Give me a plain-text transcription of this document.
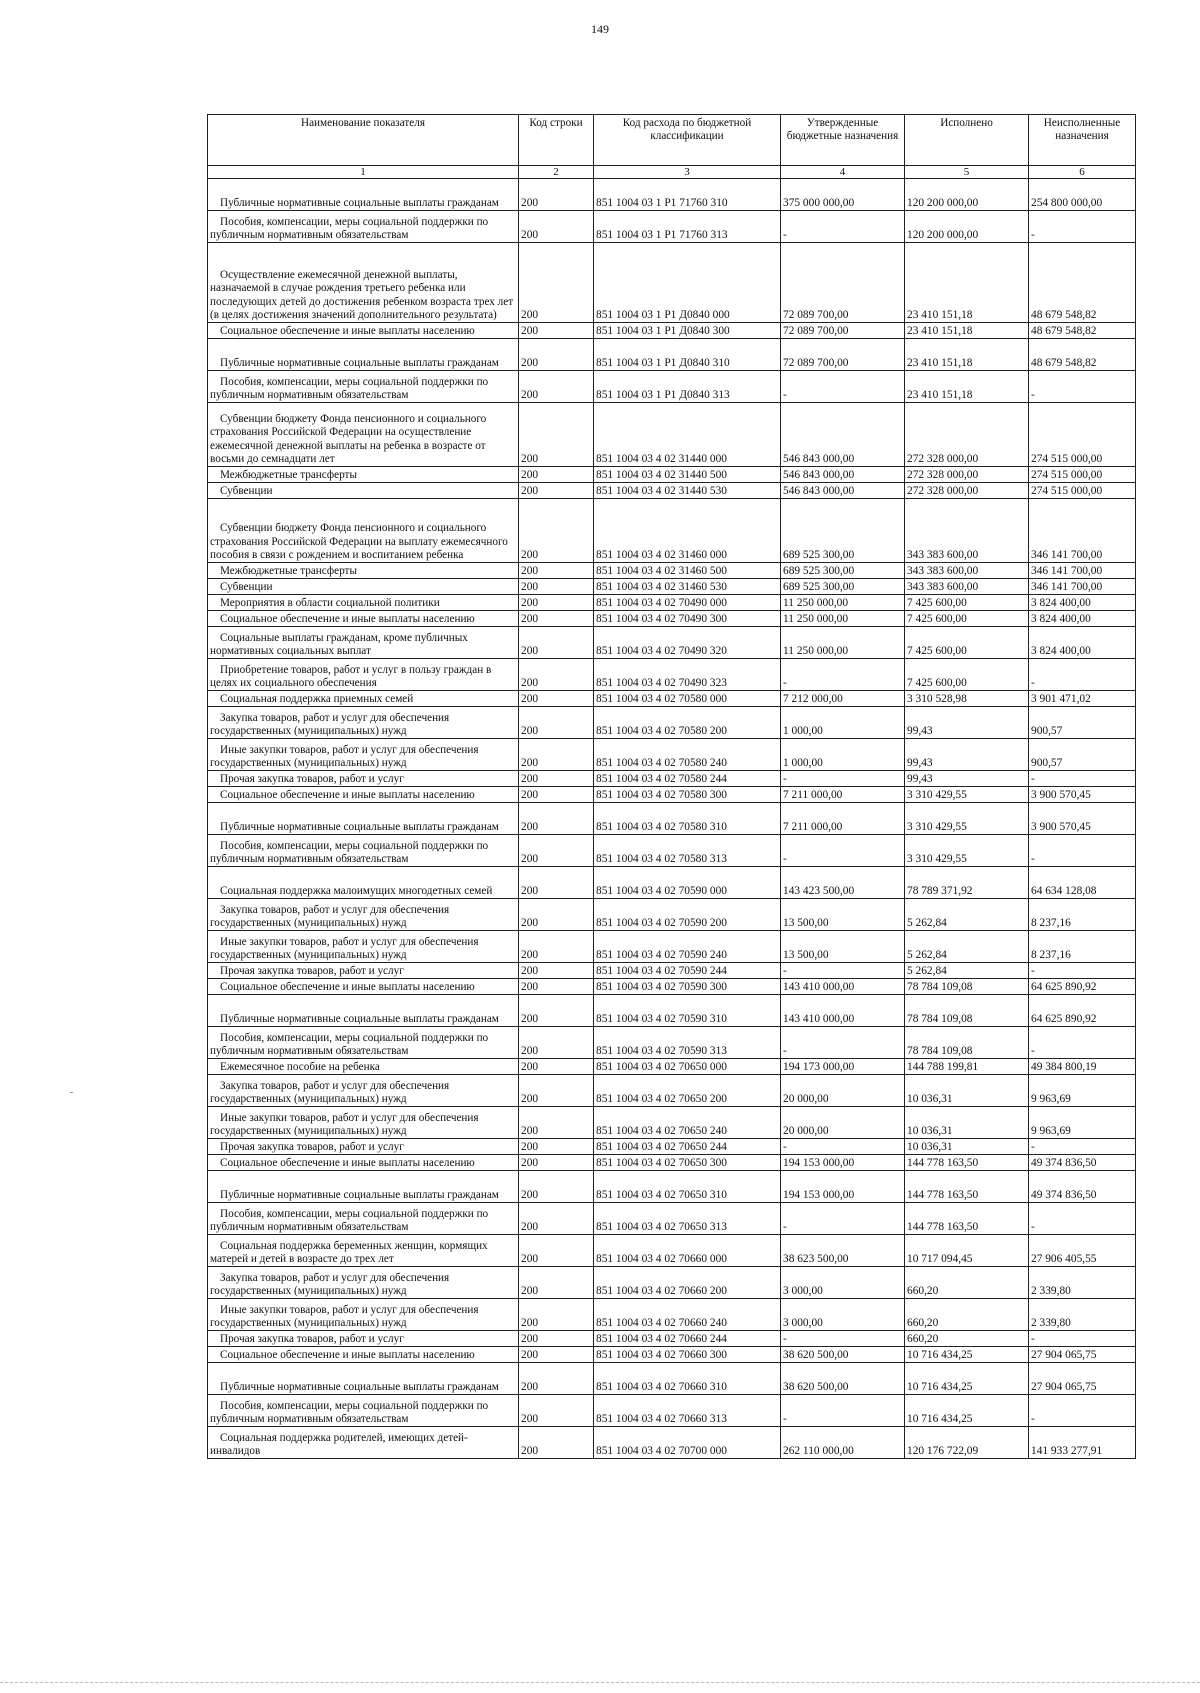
149
Наименование показателя	Код строки	Код расхода по бюджетной классификации	Утвержденные бюджетные назначения	Исполнено	Неисполненные назначения
1	2	3	4	5	6
Публичные нормативные социальные выплаты гражданам	200	851 1004 03 1 P1 71760 310	375 000 000,00	120 200 000,00	254 800 000,00
Пособия, компенсации, меры социальной поддержки по публичным нормативным обязательствам	200	851 1004 03 1 P1 71760 313	-	120 200 000,00	-
Осуществление ежемесячной денежной выплаты, назначаемой в случае рождения третьего ребенка или последующих детей до достижения ребенком возраста трех лет (в целях достижения значений дополнительного результата)	200	851 1004 03 1 P1 Д0840 000	72 089 700,00	23 410 151,18	48 679 548,82
Социальное обеспечение и иные выплаты населению	200	851 1004 03 1 P1 Д0840 300	72 089 700,00	23 410 151,18	48 679 548,82
Публичные нормативные социальные выплаты гражданам	200	851 1004 03 1 P1 Д0840 310	72 089 700,00	23 410 151,18	48 679 548,82
Пособия, компенсации, меры социальной поддержки по публичным нормативным обязательствам	200	851 1004 03 1 P1 Д0840 313	-	23 410 151,18	-
Субвенции бюджету Фонда пенсионного и социального страхования Российской Федерации на осуществление ежемесячной денежной выплаты на ребенка в возрасте от восьми до семнадцати лет	200	851 1004 03 4 02 31440 000	546 843 000,00	272 328 000,00	274 515 000,00
Межбюджетные трансферты	200	851 1004 03 4 02 31440 500	546 843 000,00	272 328 000,00	274 515 000,00
Субвенции	200	851 1004 03 4 02 31440 530	546 843 000,00	272 328 000,00	274 515 000,00
Субвенции бюджету Фонда пенсионного и социального страхования Российской Федерации на выплату ежемесячного пособия в связи с рождением и воспитанием ребенка	200	851 1004 03 4 02 31460 000	689 525 300,00	343 383 600,00	346 141 700,00
Межбюджетные трансферты	200	851 1004 03 4 02 31460 500	689 525 300,00	343 383 600,00	346 141 700,00
Субвенции	200	851 1004 03 4 02 31460 530	689 525 300,00	343 383 600,00	346 141 700,00
Мероприятия в области социальной политики	200	851 1004 03 4 02 70490 000	11 250 000,00	7 425 600,00	3 824 400,00
Социальное обеспечение и иные выплаты населению	200	851 1004 03 4 02 70490 300	11 250 000,00	7 425 600,00	3 824 400,00
Социальные выплаты гражданам, кроме публичных нормативных социальных выплат	200	851 1004 03 4 02 70490 320	11 250 000,00	7 425 600,00	3 824 400,00
Приобретение товаров, работ и услуг в пользу граждан в целях их социального обеспечения	200	851 1004 03 4 02 70490 323	-	7 425 600,00	-
Социальная поддержка приемных семей	200	851 1004 03 4 02 70580 000	7 212 000,00	3 310 528,98	3 901 471,02
Закупка товаров, работ и услуг для обеспечения государственных (муниципальных) нужд	200	851 1004 03 4 02 70580 200	1 000,00	99,43	900,57
Иные закупки товаров, работ и услуг для обеспечения государственных (муниципальных) нужд	200	851 1004 03 4 02 70580 240	1 000,00	99,43	900,57
Прочая закупка товаров, работ и услуг	200	851 1004 03 4 02 70580 244	-	99,43	-
Социальное обеспечение и иные выплаты населению	200	851 1004 03 4 02 70580 300	7 211 000,00	3 310 429,55	3 900 570,45
Публичные нормативные социальные выплаты гражданам	200	851 1004 03 4 02 70580 310	7 211 000,00	3 310 429,55	3 900 570,45
Пособия, компенсации, меры социальной поддержки по публичным нормативным обязательствам	200	851 1004 03 4 02 70580 313	-	3 310 429,55	-
Социальная поддержка малоимущих многодетных семей	200	851 1004 03 4 02 70590 000	143 423 500,00	78 789 371,92	64 634 128,08
Закупка товаров, работ и услуг для обеспечения государственных (муниципальных) нужд	200	851 1004 03 4 02 70590 200	13 500,00	5 262,84	8 237,16
Иные закупки товаров, работ и услуг для обеспечения государственных (муниципальных) нужд	200	851 1004 03 4 02 70590 240	13 500,00	5 262,84	8 237,16
Прочая закупка товаров, работ и услуг	200	851 1004 03 4 02 70590 244	-	5 262,84	-
Социальное обеспечение и иные выплаты населению	200	851 1004 03 4 02 70590 300	143 410 000,00	78 784 109,08	64 625 890,92
Публичные нормативные социальные выплаты гражданам	200	851 1004 03 4 02 70590 310	143 410 000,00	78 784 109,08	64 625 890,92
Пособия, компенсации, меры социальной поддержки по публичным нормативным обязательствам	200	851 1004 03 4 02 70590 313	-	78 784 109,08	-
Ежемесячное пособие на ребенка	200	851 1004 03 4 02 70650 000	194 173 000,00	144 788 199,81	49 384 800,19
Закупка товаров, работ и услуг для обеспечения государственных (муниципальных) нужд	200	851 1004 03 4 02 70650 200	20 000,00	10 036,31	9 963,69
Иные закупки товаров, работ и услуг для обеспечения государственных (муниципальных) нужд	200	851 1004 03 4 02 70650 240	20 000,00	10 036,31	9 963,69
Прочая закупка товаров, работ и услуг	200	851 1004 03 4 02 70650 244	-	10 036,31	-
Социальное обеспечение и иные выплаты населению	200	851 1004 03 4 02 70650 300	194 153 000,00	144 778 163,50	49 374 836,50
Публичные нормативные социальные выплаты гражданам	200	851 1004 03 4 02 70650 310	194 153 000,00	144 778 163,50	49 374 836,50
Пособия, компенсации, меры социальной поддержки по публичным нормативным обязательствам	200	851 1004 03 4 02 70650 313	-	144 778 163,50	-
Социальная поддержка беременных женщин, кормящих матерей и детей в возрасте до трех лет	200	851 1004 03 4 02 70660 000	38 623 500,00	10 717 094,45	27 906 405,55
Закупка товаров, работ и услуг для обеспечения государственных (муниципальных) нужд	200	851 1004 03 4 02 70660 200	3 000,00	660,20	2 339,80
Иные закупки товаров, работ и услуг для обеспечения государственных (муниципальных) нужд	200	851 1004 03 4 02 70660 240	3 000,00	660,20	2 339,80
Прочая закупка товаров, работ и услуг	200	851 1004 03 4 02 70660 244	-	660,20	-
Социальное обеспечение и иные выплаты населению	200	851 1004 03 4 02 70660 300	38 620 500,00	10 716 434,25	27 904 065,75
Публичные нормативные социальные выплаты гражданам	200	851 1004 03 4 02 70660 310	38 620 500,00	10 716 434,25	27 904 065,75
Пособия, компенсации, меры социальной поддержки по публичным нормативным обязательствам	200	851 1004 03 4 02 70660 313	-	10 716 434,25	-
Социальная поддержка родителей, имеющих детей-инвалидов	200	851 1004 03 4 02 70700 000	262 110 000,00	120 176 722,09	141 933 277,91
